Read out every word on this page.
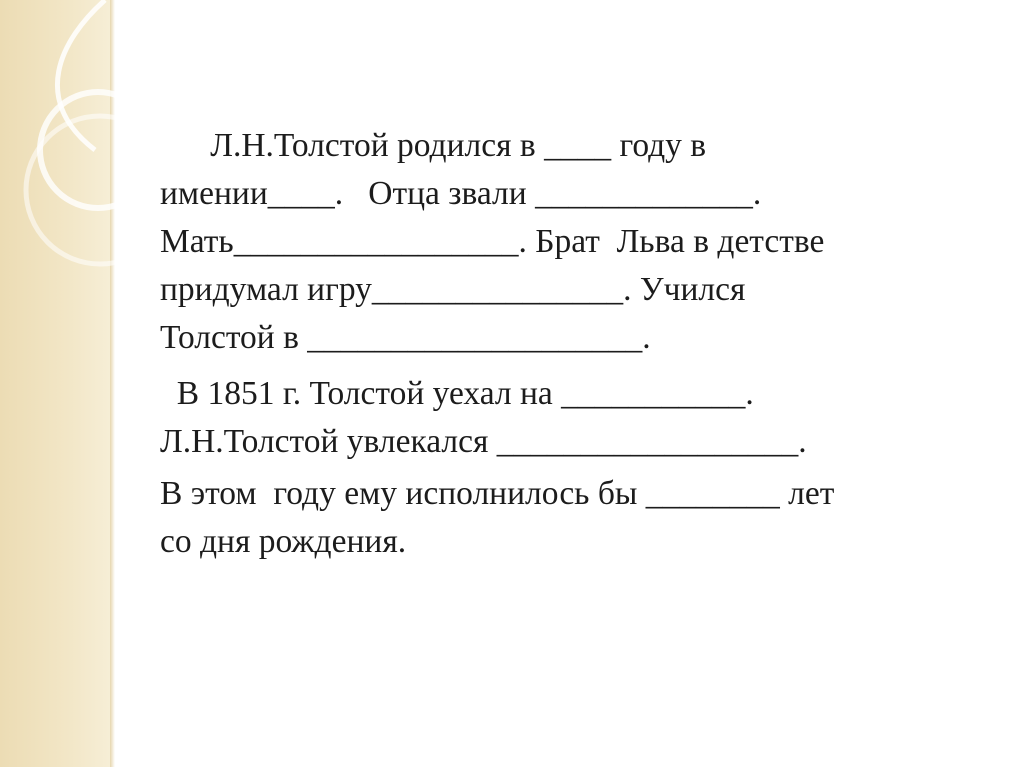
Л.Н.Толстой родился в ____ году в

имении____.   Отца звали _____________.

Мать_________________. Брат  Льва в детстве

придумал игру_______________. Учился

Толстой в ____________________.

В 1851 г. Толстой уехал на ___________.

Л.Н.Толстой увлекался __________________.

В этом  году ему исполнилось бы ________ лет

со дня рождения.
